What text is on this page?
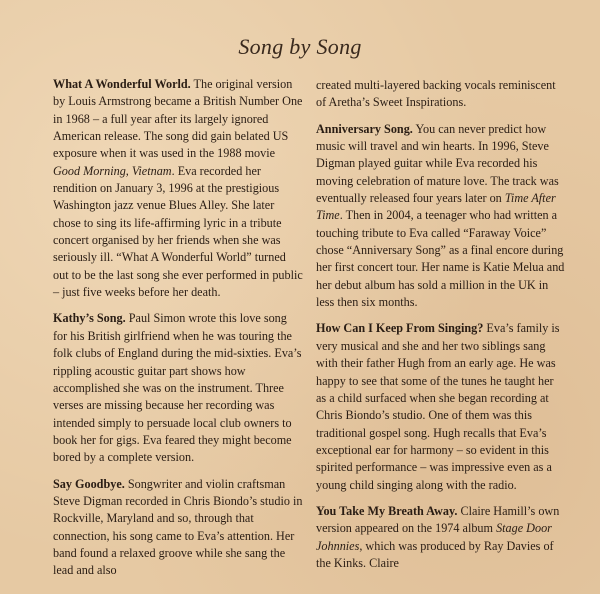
Song by Song

What A Wonderful World. The original version by Louis Armstrong became a British Number One in 1968 – a full year after its largely ignored American release. The song did gain belated US exposure when it was used in the 1988 movie Good Morning, Vietnam. Eva recorded her rendition on January 3, 1996 at the prestigious Washington jazz venue Blues Alley. She later chose to sing its life-affirming lyric in a tribute concert organised by her friends when she was seriously ill. “What A Wonderful World” turned out to be the last song she ever performed in public – just five weeks before her death.

Kathy’s Song. Paul Simon wrote this love song for his British girlfriend when he was touring the folk clubs of England during the mid-sixties. Eva’s rippling acoustic guitar part shows how accomplished she was on the instrument. Three verses are missing because her recording was intended simply to persuade local club owners to book her for gigs. Eva feared they might become bored by a complete version.

Say Goodbye. Songwriter and violin craftsman Steve Digman recorded in Chris Biondo’s studio in Rockville, Maryland and so, through that connection, his song came to Eva’s attention. Her band found a relaxed groove while she sang the lead and also

created multi-layered backing vocals reminiscent of Aretha’s Sweet Inspirations.

Anniversary Song. You can never predict how music will travel and win hearts. In 1996, Steve Digman played guitar while Eva recorded his moving celebration of mature love. The track was eventually released four years later on Time After Time. Then in 2004, a teenager who had written a touching tribute to Eva called “Faraway Voice” chose “Anniversary Song” as a final encore during her first concert tour. Her name is Katie Melua and her debut album has sold a million in the UK in less then six months.

How Can I Keep From Singing? Eva’s family is very musical and she and her two siblings sang with their father Hugh from an early age. He was happy to see that some of the tunes he taught her as a child surfaced when she began recording at Chris Biondo’s studio. One of them was this traditional gospel song. Hugh recalls that Eva’s exceptional ear for harmony – so evident in this spirited performance – was impressive even as a young child singing along with the radio.

You Take My Breath Away. Claire Hamill’s own version appeared on the 1974 album Stage Door Johnnies, which was produced by Ray Davies of the Kinks. Claire
